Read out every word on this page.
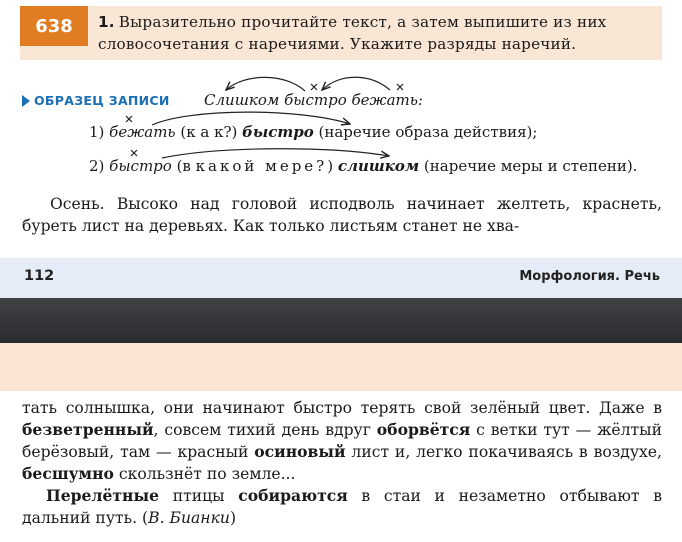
638	1. Выразительно прочитайте текст, а затем выпишите из них словосочетания с наречиями. Укажите разряды наречий.
ОБРАЗЕЦ ЗАПИСИ Слишком быстро бежать:
1) бежать (к а к?) быстро (наречие образа действия);
2) быстро (в какой мере?) слишком (наречие меры и степени).
Осень. Высоко над головой исподволь начинает желтеть, краснеть, буреть лист на деревьях. Как только листьям станет не хва-
112	Морфология. Речь
тать солнышка, они начинают быстро терять свой зелёный цвет. Даже в безветренный, совсем тихий день вдруг оборвётся с ветки тут — жёлтый берёзовый, там — красный осиновый лист и, легко покачиваясь в воздухе, бесшумно скользнёт по земле...
Перелётные птицы собираются в стаи и незаметно отбывают в дальний путь. (В. Бианки)
